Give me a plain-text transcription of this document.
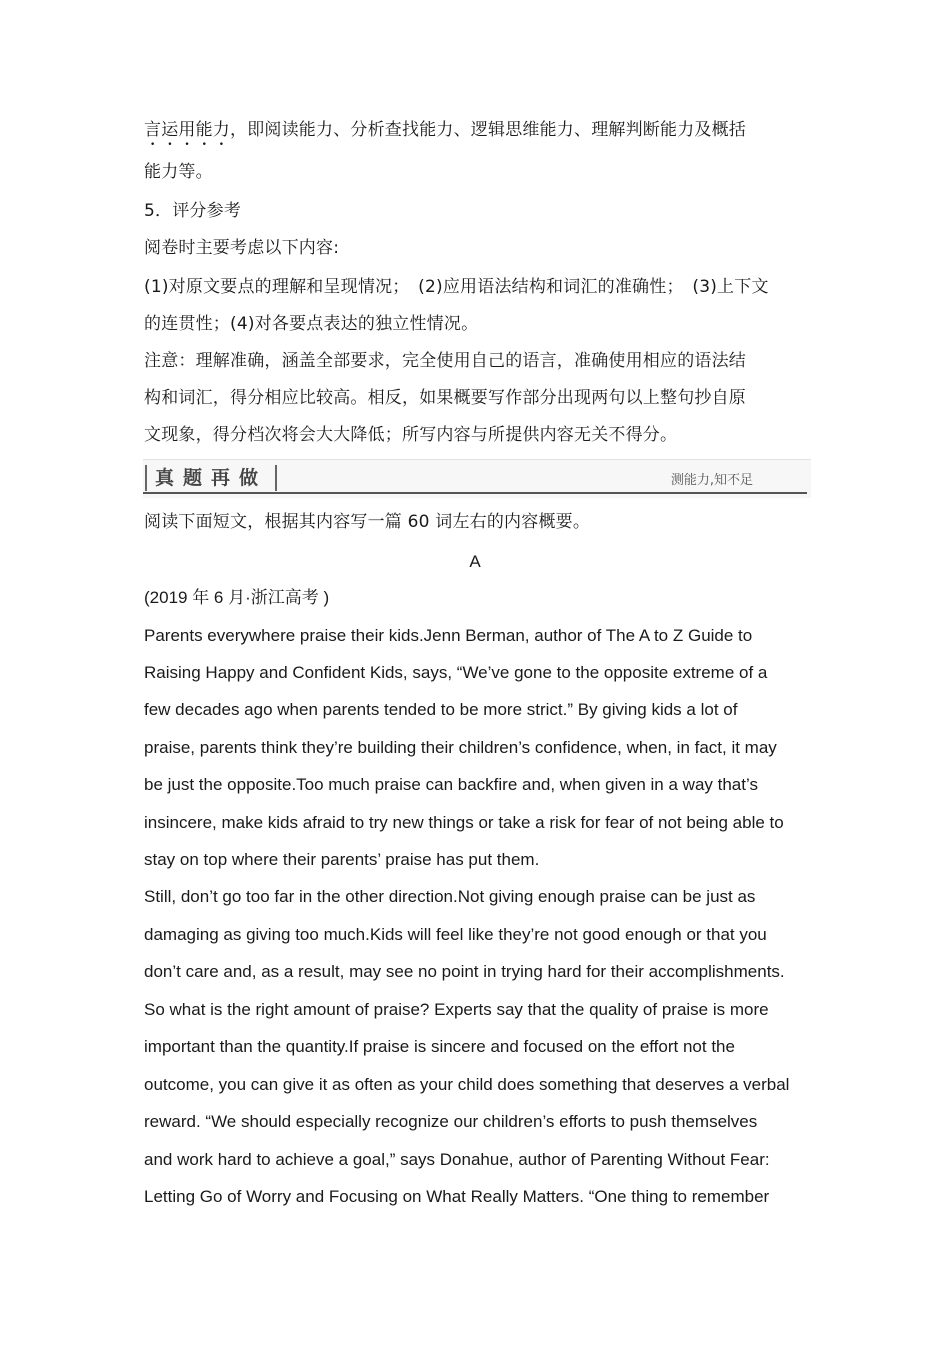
言运用能力，即阅读能力、分析查找能力、逻辑思维能力、理解判断能力及概括
能力等。
5．评分参考
阅卷时主要考虑以下内容:
(1)对原文要点的理解和呈现情况；　(2)应用语法结构和词汇的准确性；　(3)上下文
的连贯性；(4)对各要点表达的独立性情况。
注意：理解准确，涵盖全部要求，完全使用自己的语言，准确使用相应的语法结
构和词汇，得分相应比较高。相反，如果概要写作部分出现两句以上整句抄自原
文现象，得分档次将会大大降低；所写内容与所提供内容无关不得分。
真题再做	测能力,知不足
阅读下面短文，根据其内容写一篇 60 词左右的内容概要。
A
(2019 年 6 月·浙江高考 )
Parents everywhere praise their kids.Jenn Berman, author of The A to Z Guide to
Raising Happy and Confident Kids, says, “We’ve gone to the opposite extreme of a
few decades ago when parents tended to be more strict.” By giving kids a lot of
praise, parents think they’re building their children’s confidence, when, in fact, it may
be just the opposite.Too much praise can backfire and, when given in a way that’s
insincere, make kids afraid to try new things or take a risk for fear of not being able to
stay on top where their parents’ praise has put them.
Still, don’t go too far in the other direction.Not giving enough praise can be just as
damaging as giving too much.Kids will feel like they’re not good enough or that you
don’t care and, as a result, may see no point in trying hard for their accomplishments.
So what is the right amount of praise? Experts say that the quality of praise is more
important than the quantity.If praise is sincere and focused on the effort not the
outcome, you can give it as often as your child does something that deserves a verbal
reward. “We should especially recognize our children’s efforts to push themselves
and work hard to achieve a goal,” says Donahue, author of Parenting Without Fear:
Letting Go of Worry and Focusing on What Really Matters. “One thing to remember
